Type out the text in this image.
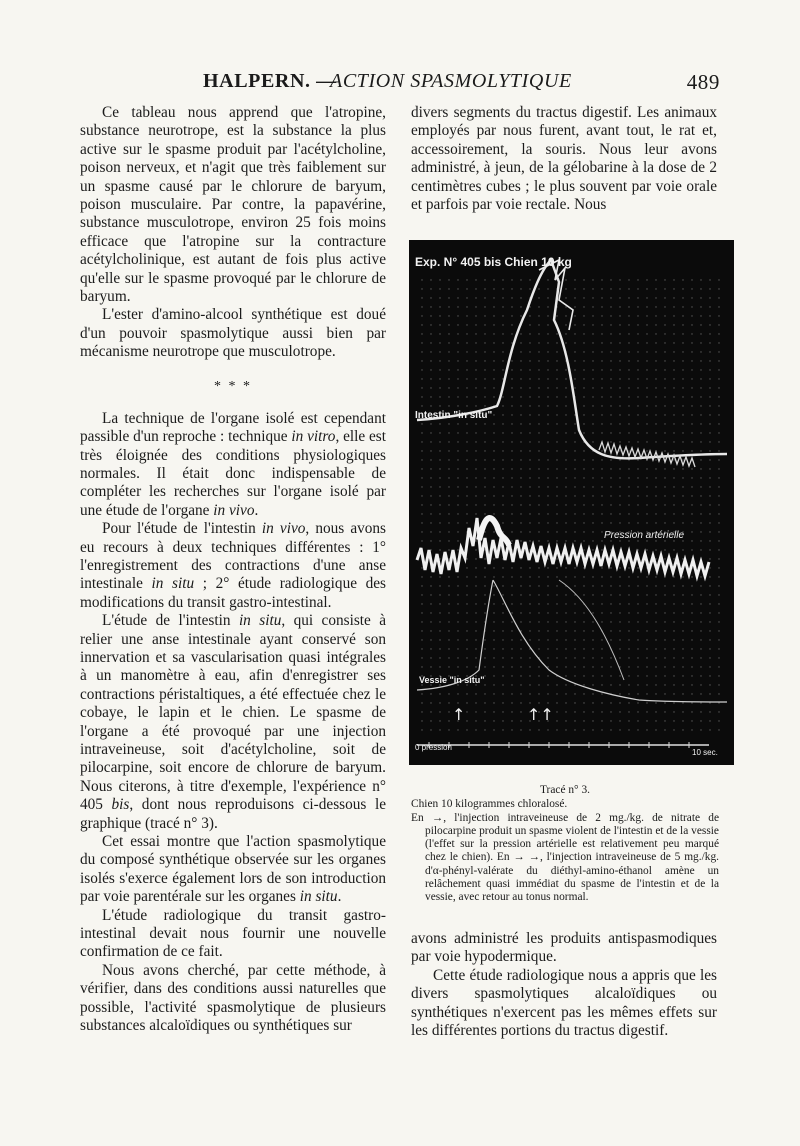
HALPERN. —
ACTION SPASMOLYTIQUE	489

Ce tableau nous apprend que l'atropine, substance neurotrope, est la substance la plus active sur le spasme produit par l'acétylcholine, poison nerveux, et n'agit que très faiblement sur un spasme causé par le chlorure de baryum, poison musculaire. Par contre, la papavérine, substance musculotrope, environ 25 fois moins efficace que l'atropine sur la contracture acétylcholinique, est autant de fois plus active qu'elle sur le spasme provoqué par le chlorure de baryum.

L'ester d'amino-alcool synthétique est doué d'un pouvoir spasmolytique aussi bien par mécanisme neurotrope que musculotrope.

* * *

La technique de l'organe isolé est cependant passible d'un reproche : technique in vitro, elle est très éloignée des conditions physiologiques normales. Il était donc indispensable de compléter les recherches sur l'organe isolé par une étude de l'organe in vivo.

Pour l'étude de l'intestin in vivo, nous avons eu recours à deux techniques différentes : 1° l'enregistrement des contractions d'une anse intestinale in situ ; 2° étude radiologique des modifications du transit gastro-intestinal.

L'étude de l'intestin in situ, qui consiste à relier une anse intestinale ayant conservé son innervation et sa vascularisation quasi intégrales à un manomètre à eau, afin d'enregistrer ses contractions péristaltiques, a été effectuée chez le cobaye, le lapin et le chien. Le spasme de l'organe a été provoqué par une injection intraveineuse, soit d'acétylcholine, soit de pilocarpine, soit encore de chlorure de baryum. Nous citerons, à titre d'exemple, l'expérience n° 405 bis, dont nous reproduisons ci-dessous le graphique (tracé n° 3).

Cet essai montre que l'action spasmolytique du composé synthétique observée sur les organes isolés s'exerce également lors de son introduction par voie parentérale sur les organes in situ.

L'étude radiologique du transit gastro-intestinal devait nous fournir une nouvelle confirmation de ce fait.

Nous avons cherché, par cette méthode, à vérifier, dans des conditions aussi naturelles que possible, l'activité spasmolytique de plusieurs substances alcaloïdiques ou synthétiques sur

divers segments du tractus digestif. Les animaux employés par nous furent, avant tout, le rat et, accessoirement, la souris. Nous leur avons administré, à jeun, de la gélobarine à la dose de 2 centimètres cubes ; le plus souvent par voie orale et parfois par voie rectale. Nous

Exp. N° 405 bis Chien 10 kg
Intestin "in situ"
Pression artérielle
Vessie "in situ"
↑	↑↑
0 pression
10 sec.

Tracé n° 3.

Chien 10 kilogrammes chloralosé.

En →, l'injection intraveineuse de 2 mg./kg. de nitrate de pilocarpine produit un spasme violent de l'intestin et de la vessie (l'effet sur la pression artérielle est relativement peu marqué chez le chien). En → →, l'injection intraveineuse de 5 mg./kg. d'α-phényl-valérate du diéthyl-amino-éthanol amène un relâchement quasi immédiat du spasme de l'intestin et de la vessie, avec retour au tonus normal.

avons administré les produits antispasmodiques par voie hypodermique.

Cette étude radiologique nous a appris que les divers spasmolytiques alcaloïdiques ou synthétiques n'exercent pas les mêmes effets sur les différentes portions du tractus digestif.
